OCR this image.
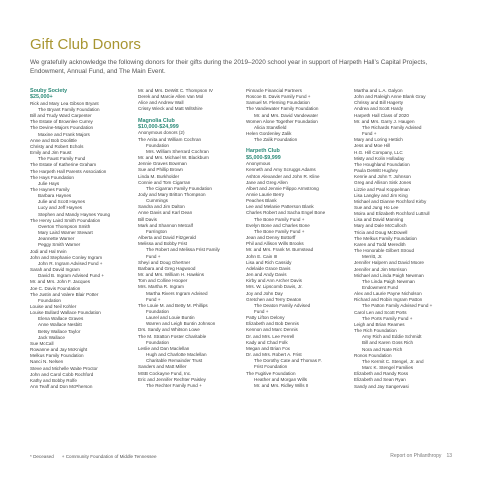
Gift Club Donors

We gratefully acknowledge the following donors for their gifts during the 2019–2020 school year in support of Harpeth Hall’s Capital Projects, Endowment, Annual Fund, and The Main Event.

Souby Society
$25,000+
Rick and Mary Lea Gibson Bryant
The Bryant Family Foundation
Bill and Trudy Ward Carpenter
The Estate of Brownlee Currey
The Devine-Majors Foundation
Maxine and Frank Majors
Anne and Bob Doolittle
Christy and Robert Echols
Emily and Jim Faust
The Faust Family Fund
The Estate of Katherine Graham
The Harpeth Hall Parents Association
The Hays Foundation
Julie Hays
The Haynes Family
Barbara Haynes
Julie and Scott Haynes
Lucy and Jeff Haynes
Stephen and Mandy Haynes Young
The Henry Laird Smith Foundation
Overton Thompson Smith
Mary Laird Warner Stewart
Jeannette Warner
Peggy Smith Warner
Jodi and Hal Irwin
John and Stephanie Conley Ingram
John R. Ingram Advised Fund +
Sarah and David Ingram
David B. Ingram Advised Fund +
Mr. and Mrs. John F. Jacques
Joe C. Davis Foundation
The Justin and Valere Blair Potter
Foundation
Louise and Neil Kohler
Louise Bullard Wallace Foundation
Elena Wallace Graves
Anne Wallace Nesbitt
Betsy Wallace Taylor
Jack Wallace
Sue McCall
Rowanne and Jay McKnight
Melkus Family Foundation
Nanci N. Nelsen
Steve and Michelle Waite Proctor
John and Carol Cobb Rochford
Kathy and Bobby Rolfe
Ann Teaff and Don McPherson
Mr. and Mrs. DeWitt C. Thompson IV
Derek and Marcie Allen Van Mol
Alice and Andrew Wall
Crissy Wieck and Matt Wiltshire
Magnolia Club
$10,000-$24,999
Anonymous donors (2)
The Anita and William Cochran
Foundation
Mrs. William Sherrard Cochran
Mr. and Mrs. Michael W. Blackburn
Jennie Graves Bowman
Sue and Phillip Brown
Linda M. Burkholder
Connie and Tom Cigarran
The Cigarran Family Foundation
Jody and Mary Britton Thompson
Cummings
Sandra and Jim Dalton
Anne Davis and Karl Dean
Bill Davis
Mark and Shannon Metcalf
Farrington
Alberta and David Fitzgerald
Melissa and Bobby Frist
The Robert and Melissa Frist Family
Fund +
Sheyi and Doug Ghertner
Barbara and Greg Hagwood
Mr. and Mrs. William H. Hawkins
Tom and Colline Hooper
Mrs. Martha R. Ingram
Martha Rivers Ingram Advised
Fund +
The Louie M. and Betty M. Phillips
Foundation
Laurel and Louie Buntin
Warren and Leigh Buntin Johnson
Drs. Sandy and Whitson Lowe
The M. Stratton Foster Charitable
Foundation
Leslie and Dan Maclellan
Hugh and Charlotte Maclellan
Charitable Remainder Trust
Sanders and Matt Miller
MSB Cockayne Fund, Inc.
Eric and Jennifer Rechter Paisley
The Rechter Family Fund +
Pinnacle Financial Partners
Roscoe B. Davis Family Fund +
Samuel M. Fleming Foundation
The Vandewater Family Foundation
Mr. and Mrs. David Vandewater
Women Alone Together Foundation
Alicia Stansfield
Helen Gordenley Zalik
The Zalik Foundation
Harpeth Club
$5,000-$9,999
Anonymous
Kenneth and Amy Scruggs Adams
Ashton Alexander and John R. Kline
Jane and Greg Allen
Albert and Jennie Filippo Armstrong
Annie Laurie Berry
Peaches Blank
Lee and Melanie Patterson Blank
Charles Robert and Sacha Engel Bone
The Bone Family Fund +
Evelyn Bone and Charles Bone
The Bone Family Fund +
Jean and Denny Bottorff
Phil and Allison Wills Brooks
Mr. and Mrs. Frank M. Burnstead
John E. Cain III
Lisa and Rich Cassidy
Adelaide Grace Davis
Jen and Andy Davis
Kirby and Ann Archer Davis
Mrs. W. Lipscomb Davis, Jr.
Joy and John Day
Gretchen and Terry Deaton
The Deaton Family Advised
Fund +
Patty Lifton Delony
Elizabeth and Bob Dennis
Kennon and Marc Dennis
Dr. and Mrs. Lee Ferrell
Kady and Chad Folk
Megan and Brian Fox
Dr. and Mrs. Robert A. Frist
The Dorothy Cate and Thomas F.
Frist Foundation
The Fugitive Foundation
Heather and Morgan Wills
Mr. and Mrs. Ridley Wills II
Martha and L.A. Galyon
John and Raleigh Anne Blank Gray
Chrissy and Bill Hagerty
Andrea and Scott Hardy
Harpeth Hall Class of 2020
Mr. and Mrs. Garry J. Haugen
The Richards Family Advised
Fund +
Mary and Loring Hettich
Jess and Moe Hill
H.G. Hill Company, LLC
Misty and Kolin Holladay
The Houghland Foundation
Paula DeWitt Hughey
Kenrie and John T. Johnson
Greg and Allison Sisk Jones
Lizzie and Paul Koppelman
Lisa Langley and Jim King
Michael and Dianne Rochford Kirby
Sue and Jung Ho Lee
Moira and Elizabeth Rochford Luttrull
Lisa and David Manning
Mary and Dale McCulloch
Tricia and Doug McDowell
The Melkus Family Foundation
Karen and Todd Meredith
The Honorable Gilbert Stroud
Merritt, Jr.
Jennifer Halpern and David Moore
Jennifer and Jim Morrison
Michael and Linda Paigh Newman
The Linda Paigh Newman
Endowment Fund
Alex and Laurie Payne Nicholson
Richard and Robin Ingram Patton
The Patton Family Advised Fund +
Carol Len and Scott Ports
The Ports Family Fund +
Leigh and Brian Reames
The Rich Foundation
Amy Rich and Eddie Schmidt
Bill and Karen Goss Rich
Nora and Nate Rich
Ronos Foundation
The Kermit C. Stengel, Jr. and
Marc K. Stengel Families
Elizabeth and Randy Ross
Elizabeth and Sean Ryan
Sandy and Jay Sangervasi
* Deceased + Community Foundation of Middle Tennessee	Report on Philanthropy 13
